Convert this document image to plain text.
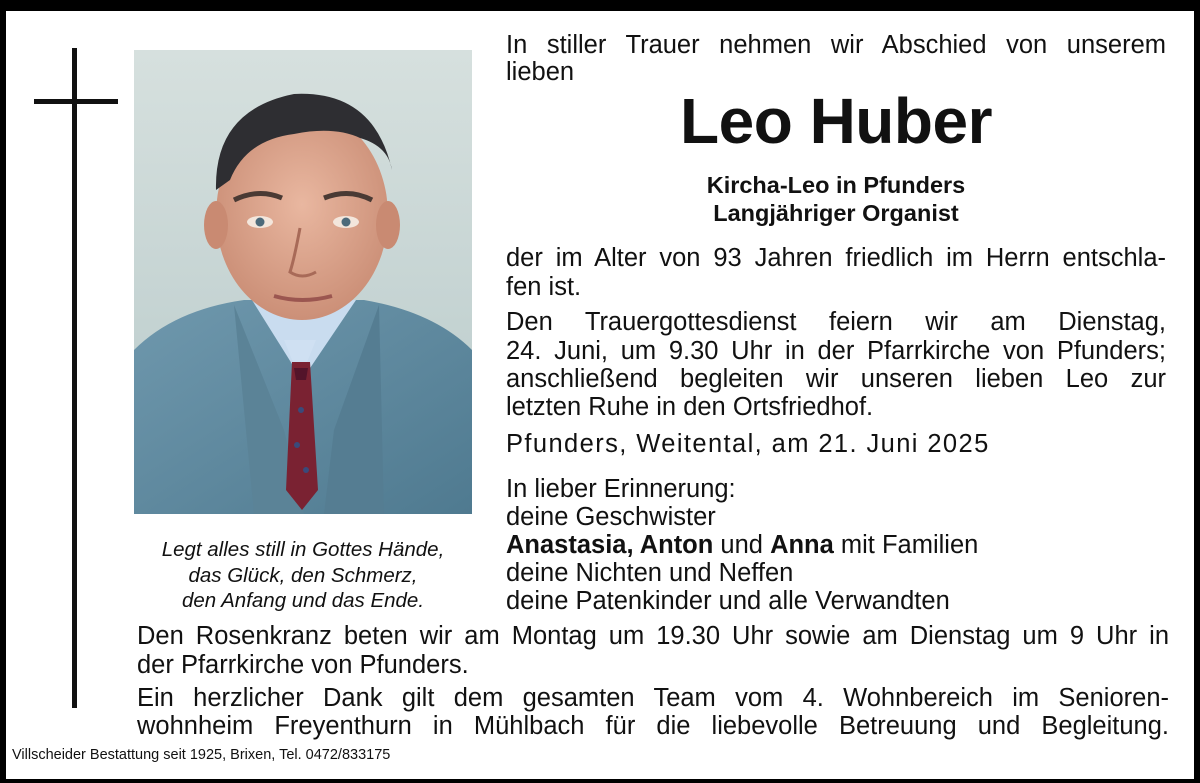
Legt alles still in Gottes Hände,
das Glück, den Schmerz,
den Anfang und das Ende.
In stiller Trauer nehmen wir Abschied von unserem
lieben
Leo Huber
Kircha-Leo in Pfunders
Langjähriger Organist
der im Alter von 93 Jahren friedlich im Herrn entschla-
fen ist.
Den Trauergottesdienst feiern wir am Dienstag,
24. Juni, um 9.30 Uhr in der Pfarrkirche von Pfunders;
anschließend begleiten wir unseren lieben Leo zur
letzten Ruhe in den Ortsfriedhof.
Pfunders, Weitental, am 21. Juni 2025
In lieber Erinnerung:
deine Geschwister
Anastasia, Anton und Anna mit Familien
deine Nichten und Neffen
deine Patenkinder und alle Verwandten
Den Rosenkranz beten wir am Montag um 19.30 Uhr sowie am Dienstag um 9 Uhr in
der Pfarrkirche von Pfunders.
Ein herzlicher Dank gilt dem gesamten Team vom 4. Wohnbereich im Senioren-
wohnheim Freyenthurn in Mühlbach für die liebevolle Betreuung und Begleitung.
Villscheider Bestattung seit 1925, Brixen, Tel. 0472/833175
